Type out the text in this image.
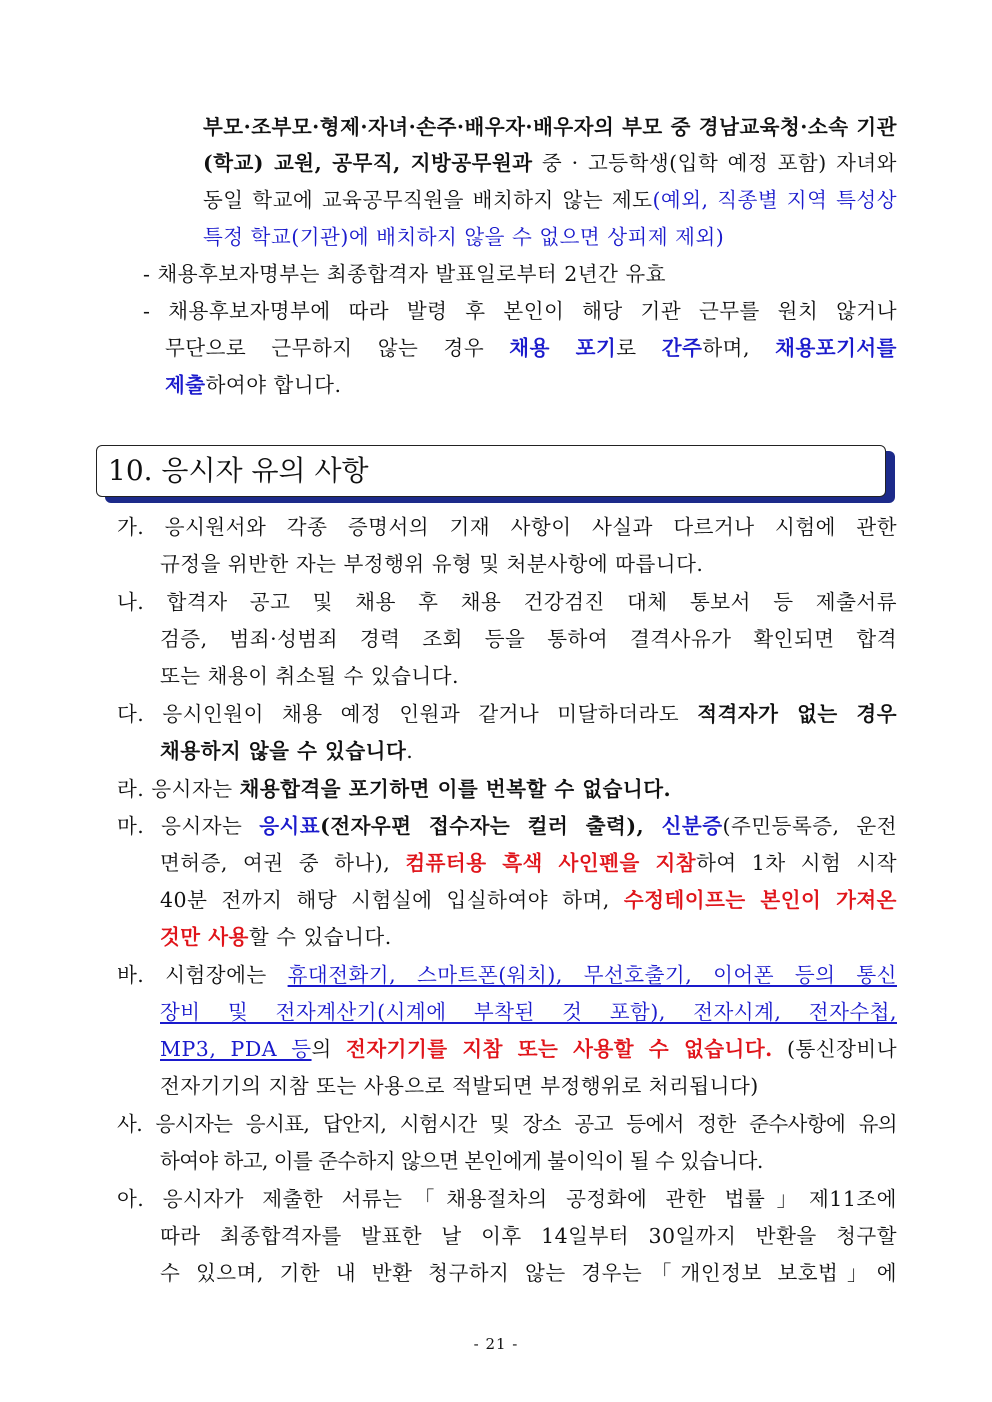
부모·조부모·형제·자녀·손주·배우자·배우자의 부모 중 경남교육청·소속 기관
(학교) 교원, 공무직, 지방공무원과 중 · 고등학생(입학 예정 포함) 자녀와
동일 학교에 교육공무직원을 배치하지 않는 제도(예외, 직종별 지역 특성상
특정 학교(기관)에 배치하지 않을 수 없으면 상피제 제외)
- 채용후보자명부는 최종합격자 발표일로부터 2년간 유효
- 채용후보자명부에 따라 발령 후 본인이 해당 기관 근무를 원치 않거나
무단으로 근무하지 않는 경우 채용 포기로 간주하며, 채용포기서를
제출하여야 합니다.
10. 응시자 유의 사항
가. 응시원서와 각종 증명서의 기재 사항이 사실과 다르거나 시험에 관한
규정을 위반한 자는 부정행위 유형 및 처분사항에 따릅니다.
나. 합격자 공고 및 채용 후 채용 건강검진 대체 통보서 등 제출서류
검증, 범죄·성범죄 경력 조회 등을 통하여 결격사유가 확인되면 합격
또는 채용이 취소될 수 있습니다.
다. 응시인원이 채용 예정 인원과 같거나 미달하더라도 적격자가 없는 경우
채용하지 않을 수 있습니다.
라. 응시자는 채용합격을 포기하면 이를 번복할 수 없습니다.
마. 응시자는 응시표(전자우편 접수자는 컬러 출력), 신분증(주민등록증, 운전
면허증, 여권 중 하나), 컴퓨터용 흑색 사인펜을 지참하여 1차 시험 시작
40분 전까지 해당 시험실에 입실하여야 하며, 수정테이프는 본인이 가져온
것만 사용할 수 있습니다.
바. 시험장에는 휴대전화기, 스마트폰(워치), 무선호출기, 이어폰 등의 통신
장비 및 전자계산기(시계에 부착된 것 포함), 전자시계, 전자수첩,
MP3, PDA 등의 전자기기를 지참 또는 사용할 수 없습니다. (통신장비나
전자기기의 지참 또는 사용으로 적발되면 부정행위로 처리됩니다)
사. 응시자는 응시표, 답안지, 시험시간 및 장소 공고 등에서 정한 준수사항에 유의
하여야 하고, 이를 준수하지 않으면 본인에게 불이익이 될 수 있습니다.
아. 응시자가 제출한 서류는「채용절차의 공정화에 관한 법률」제11조에
따라 최종합격자를 발표한 날 이후 14일부터 30일까지 반환을 청구할
수 있으며, 기한 내 반환 청구하지 않는 경우는「개인정보 보호법」에
- 21 -
